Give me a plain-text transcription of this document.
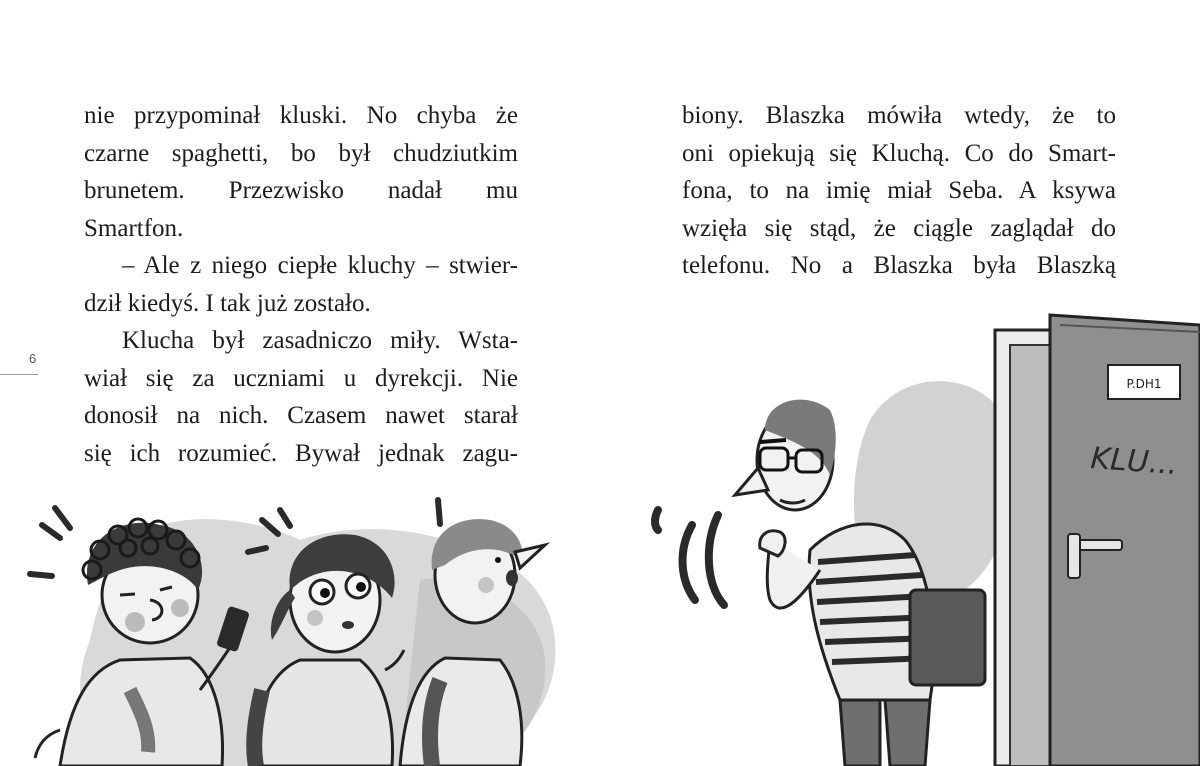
nie przypominał kluski. No chyba że
czarne spaghetti, bo był chudziutkim
brunetem. Przezwisko nadał mu
Smartfon.
– Ale z niego ciepłe kluchy – stwier-
dził kiedyś. I tak już zostało.
Klucha był zasadniczo miły. Wsta-
wiał się za uczniami u dyrekcji. Nie
donosił na nich. Czasem nawet starał
się ich rozumieć. Bywał jednak zagu-
biony. Blaszka mówiła wtedy, że to
oni opiekują się Kluchą. Co do Smart-
fona, to na imię miał Seba. A ksywa
wzięła się stąd, że ciągle zaglądał do
telefonu. No a Blaszka była Blaszką
6
P.DH1
KLU...
